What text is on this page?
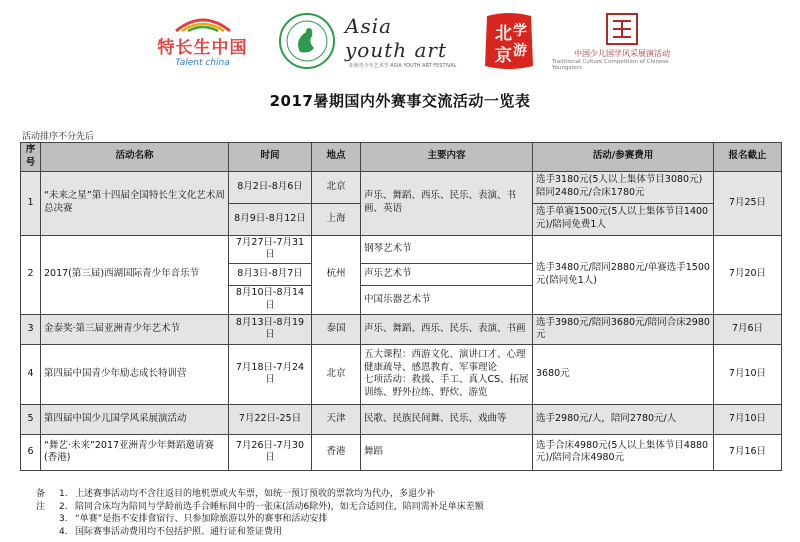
特长生中国
Talent china
Asia youth art
亚洲青少年艺术节 ASIA YOUTH ART FESTIVAL
北
京
学
游	中国少儿国学风采展演活动
Traditional Culture Competition of Chinese Youngsters
2017暑期国内外赛事交流活动一览表
活动排序不分先后
序号	活动名称	时间	地点	主要内容	活动/参赛费用	报名截止
1	“未来之星”第十四届全国特长生文化艺术周总决赛	8月2日-8月6日	北京	声乐、舞蹈、西乐、民乐、表演、书画、英语	选手3180元(5人以上集体节目3080元)陪同2480元/合床1780元	7月25日
		8月9日-8月12日	上海		选手单赛1500元(5人以上集体节目1400元)/陪同免费1人	
2	2017(第三届)西湖国际青少年音乐节	7月27日-7月31日	杭州	钢琴艺术节	选手3480元/陪同2880元/单赛选手1500元(陪同免1人)	7月20日
		8月3日-8月7日		声乐艺术节		
		8月10日-8月14日		中国乐器艺术节		
3	金泰奖·第三届亚洲青少年艺术节	8月13日-8月19日	泰国	声乐、舞蹈、西乐、民乐、表演、书画	选手3980元/陪同3680元/陪同合床2980元	7月6日
4	第四届中国青少年励志成长特训营	7月18日-7月24日	北京	五大课程：西游文化、演讲口才、心理健康疏导、感恩教育、军事理论
七项活动：救援、手工、真人CS、拓展训练、野外拉练、野炊、游览	3680元	7月10日
5	第四届中国少儿国学风采展演活动	7月22日-25日	天津	民歌、民族民间舞、民乐、戏曲等	选手2980元/人，陪同2780元/人	7月10日
6	“舞艺·未来”2017亚洲青少年舞蹈邀请赛(香港)	7月26日-7月30日	香港	舞蹈	选手合床4980元(5人以上集体节目4880元)/陪同合床4980元	7月16日
备注
1. 上述赛事活动均不含往返目的地机票或火车票，如统一预订预收的票款均为代办，多退少补
2. 陪同合床均为陪同与学龄前选手合睡标间中的一张床(活动6除外)，如无合适同住，陪同需补足单床差额
3. “单赛”是指不安排食宿行、只参加除旅游以外的赛事和活动安排
4. 国际赛事活动费用均不包括护照、通行证和签证费用
